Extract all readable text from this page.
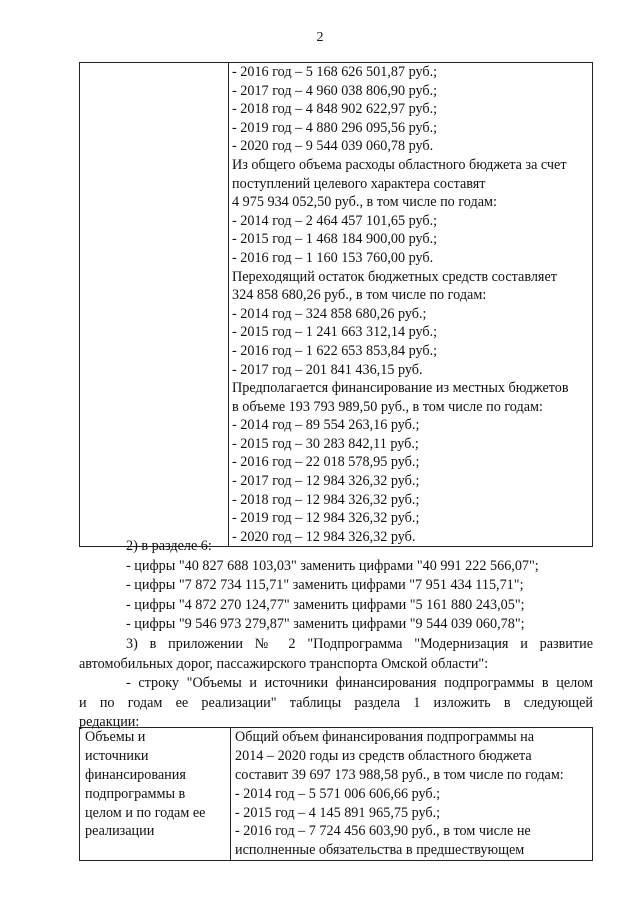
2

- 2016 год – 5 168 626 501,87 руб.;
- 2017 год – 4 960 038 806,90 руб.;
- 2018 год – 4 848 902 622,97 руб.;
- 2019 год – 4 880 296 095,56 руб.;
- 2020 год – 9 544 039 060,78 руб.
Из общего объема расходы областного бюджета за счет
поступлений целевого характера составят
4 975 934 052,50 руб., в том числе по годам:
- 2014 год – 2 464 457 101,65 руб.;
- 2015 год – 1 468 184 900,00 руб.;
- 2016 год – 1 160 153 760,00 руб.
Переходящий остаток бюджетных средств составляет
324 858 680,26 руб., в том числе по годам:
- 2014 год – 324 858 680,26 руб.;
- 2015 год – 1 241 663 312,14 руб.;
- 2016 год – 1 622 653 853,84 руб.;
- 2017 год – 201 841 436,15 руб.
Предполагается финансирование из местных бюджетов
в объеме 193 793 989,50 руб., в том числе по годам:
- 2014 год – 89 554 263,16 руб.;
- 2015 год – 30 283 842,11 руб.;
- 2016 год – 22 018 578,95 руб.;
- 2017 год – 12 984 326,32 руб.;
- 2018 год – 12 984 326,32 руб.;
- 2019 год – 12 984 326,32 руб.;
- 2020 год – 12 984 326,32 руб.
2) в разделе 6:
- цифры "40 827 688 103,03" заменить цифрами "40 991 222 566,07";
- цифры "7 872 734 115,71" заменить цифрами "7 951 434 115,71";
- цифры "4 872 270 124,77" заменить цифрами "5 161 880 243,05";
- цифры "9 546 973 279,87" заменить цифрами "9 544 039 060,78";
3) в приложении № 2 "Подпрограмма "Модернизация и развитие
автомобильных дорог, пассажирского транспорта Омской области":
- строку "Объемы и источники финансирования подпрограммы в целом
и по годам ее реализации" таблицы раздела 1 изложить в следующей
редакции:
Объемы и
источники
финансирования
подпрограммы в
целом и по годам ее
реализации

Общий объем финансирования подпрограммы на
2014 – 2020 годы из средств областного бюджета
составит 39 697 173 988,58 руб., в том числе по годам:
- 2014 год – 5 571 006 606,66 руб.;
- 2015 год – 4 145 891 965,75 руб.;
- 2016 год – 7 724 456 603,90 руб., в том числе не
исполненные обязательства в предшествующем
